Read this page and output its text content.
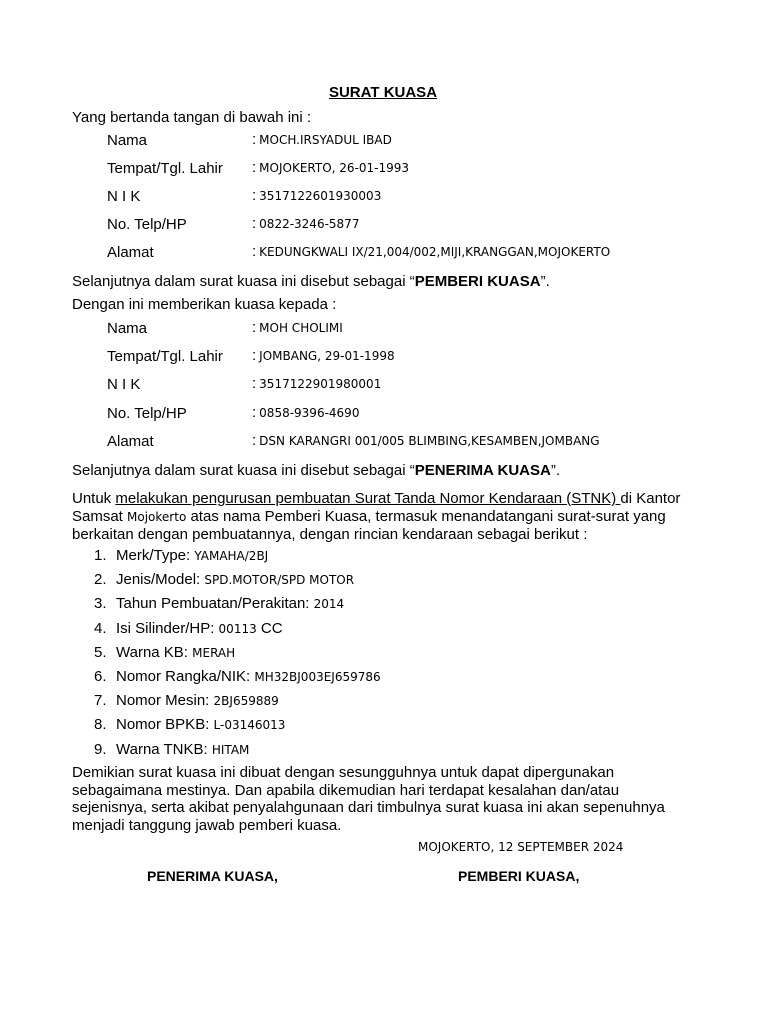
SURAT KUASA
Yang bertanda tangan di bawah ini :
Nama	: MOCH.IRSYADUL IBAD
Tempat/Tgl. Lahir : MOJOKERTO, 26-01-1993
N I K	: 3517122601930003
No. Telp/HP	: 0822-3246-5877
Alamat	: KEDUNGKWALI IX/21,004/002,MIJI,KRANGGAN,MOJOKERTO
Selanjutnya dalam surat kuasa ini disebut sebagai “PEMBERI KUASA”.
Dengan ini memberikan kuasa kepada :
Nama	: MOH CHOLIMI
Tempat/Tgl. Lahir : JOMBANG, 29-01-1998
N I K	: 3517122901980001
No. Telp/HP	: 0858-9396-4690
Alamat	: DSN KARANGRI 001/005 BLIMBING,KESAMBEN,JOMBANG
Selanjutnya dalam surat kuasa ini disebut sebagai “PENERIMA KUASA”.
Untuk melakukan pengurusan pembuatan Surat Tanda Nomor Kendaraan (STNK) di Kantor Samsat Mojokerto atas nama Pemberi Kuasa, termasuk menandatangani surat-surat yang berkaitan dengan pembuatannya, dengan rincian kendaraan sebagai berikut :
1. Merk/Type: YAMAHA/2BJ
2. Jenis/Model: SPD.MOTOR/SPD MOTOR
3. Tahun Pembuatan/Perakitan: 2014
4. Isi Silinder/HP: 00113 CC
5. Warna KB: MERAH
6. Nomor Rangka/NIK: MH32BJ003EJ659786
7. Nomor Mesin: 2BJ659889
8. Nomor BPKB: L-03146013
9. Warna TNKB: HITAM
Demikian surat kuasa ini dibuat dengan sesungguhnya untuk dapat dipergunakan sebagaimana mestinya. Dan apabila dikemudian hari terdapat kesalahan dan/atau sejenisnya, serta akibat penyalahgunaan dari timbulnya surat kuasa ini akan sepenuhnya menjadi tanggung jawab pemberi kuasa.
MOJOKERTO, 12 SEPTEMBER 2024
PENERIMA KUASA,	PEMBERI KUASA,
